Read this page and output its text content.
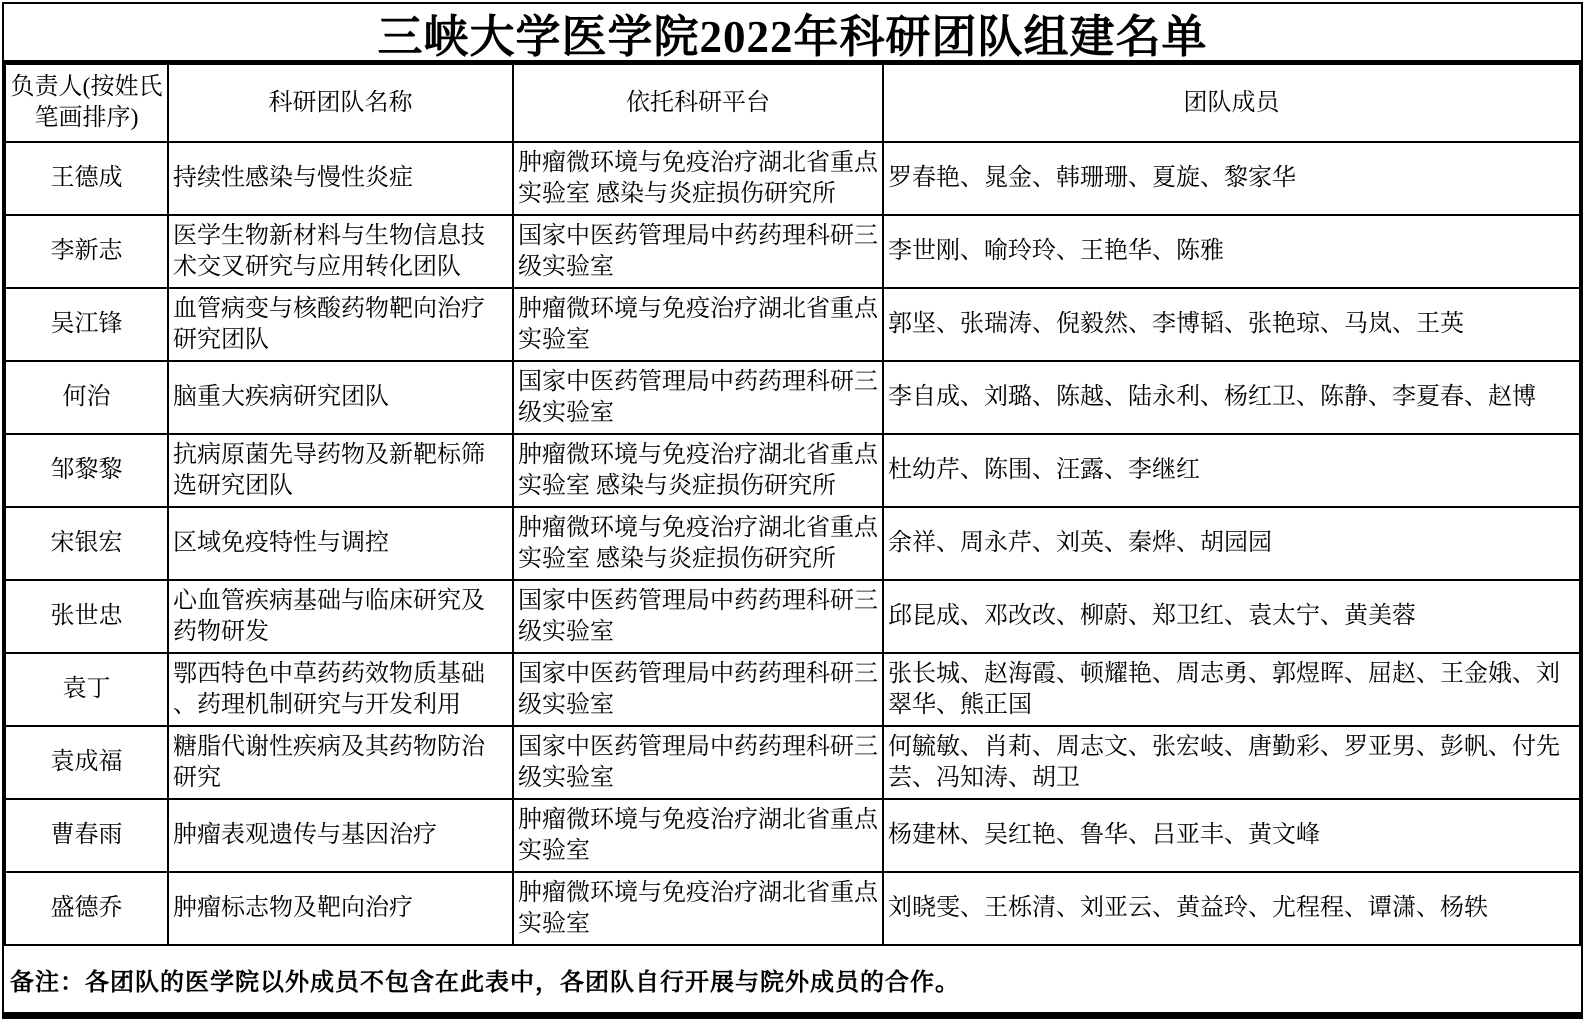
三峡大学医学院2022年科研团队组建名单
负责人(按姓氏笔画排序)	科研团队名称	依托科研平台	团队成员
王德成	持续性感染与慢性炎症	肿瘤微环境与免疫治疗湖北省重点实验室 感染与炎症损伤研究所	罗春艳、晁金、韩珊珊、夏旋、黎家华
李新志	医学生物新材料与生物信息技术交叉研究与应用转化团队	国家中医药管理局中药药理科研三级实验室	李世刚、喻玲玲、王艳华、陈雅
吴江锋	血管病变与核酸药物靶向治疗研究团队	肿瘤微环境与免疫治疗湖北省重点实验室	郭坚、张瑞涛、倪毅然、李博韬、张艳琼、马岚、王英
何治	脑重大疾病研究团队	国家中医药管理局中药药理科研三级实验室	李自成、刘璐、陈越、陆永利、杨红卫、陈静、李夏春、赵博
邹黎黎	抗病原菌先导药物及新靶标筛选研究团队	肿瘤微环境与免疫治疗湖北省重点实验室 感染与炎症损伤研究所	杜幼芹、陈围、汪露、李继红
宋银宏	区域免疫特性与调控	肿瘤微环境与免疫治疗湖北省重点实验室 感染与炎症损伤研究所	余祥、周永芹、刘英、秦烨、胡园园
张世忠	心血管疾病基础与临床研究及药物研发	国家中医药管理局中药药理科研三级实验室	邱昆成、邓改改、柳蔚、郑卫红、袁太宁、黄美蓉
袁丁	鄂西特色中草药药效物质基础、药理机制研究与开发利用	国家中医药管理局中药药理科研三级实验室	张长城、赵海霞、顿耀艳、周志勇、郭煜晖、屈赵、王金娥、刘翠华、熊正国
袁成福	糖脂代谢性疾病及其药物防治研究	国家中医药管理局中药药理科研三级实验室	何毓敏、肖莉、周志文、张宏岐、唐勤彩、罗亚男、彭帆、付先芸、冯知涛、胡卫
曹春雨	肿瘤表观遗传与基因治疗	肿瘤微环境与免疫治疗湖北省重点实验室	杨建林、吴红艳、鲁华、吕亚丰、黄文峰
盛德乔	肿瘤标志物及靶向治疗	肿瘤微环境与免疫治疗湖北省重点实验室	刘晓雯、王栎清、刘亚云、黄益玲、尤程程、谭潇、杨轶
备注：各团队的医学院以外成员不包含在此表中，各团队自行开展与院外成员的合作。
